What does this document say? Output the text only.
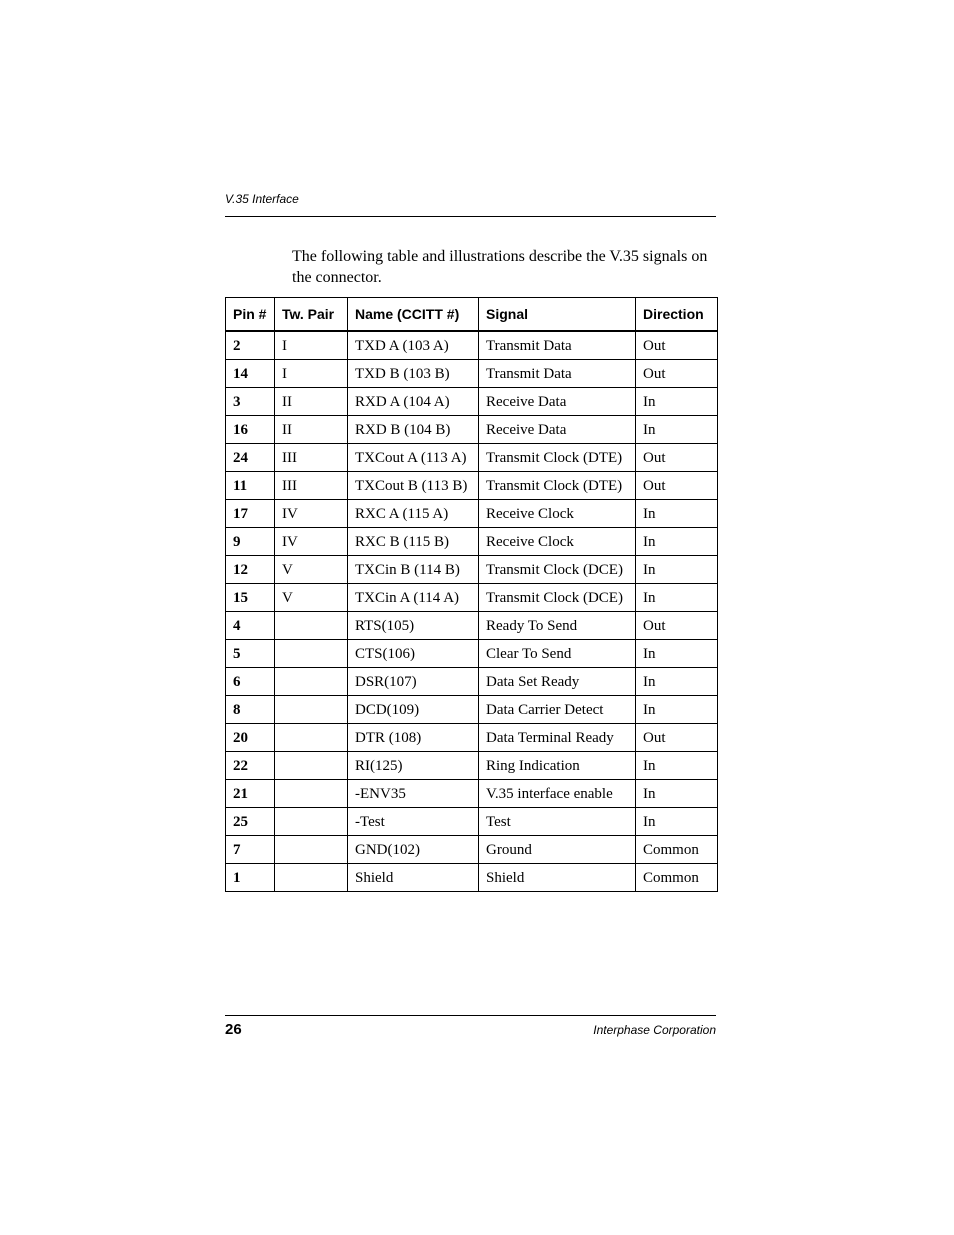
V.35 Interface

The following table and illustrations describe the V.35 signals on the connector.

Pin #	Tw. Pair	Name (CCITT #)	Signal	Direction
2	I	TXD A (103 A)	Transmit Data	Out
14	I	TXD B (103 B)	Transmit Data	Out
3	II	RXD A (104 A)	Receive Data	In
16	II	RXD B (104 B)	Receive Data	In
24	III	TXCout A (113 A)	Transmit Clock (DTE)	Out
11	III	TXCout B (113 B)	Transmit Clock (DTE)	Out
17	IV	RXC A (115 A)	Receive Clock	In
9	IV	RXC B (115 B)	Receive Clock	In
12	V	TXCin B (114 B)	Transmit Clock (DCE)	In
15	V	TXCin A (114 A)	Transmit Clock (DCE)	In
4		RTS(105)	Ready To Send	Out
5		CTS(106)	Clear To Send	In
6		DSR(107)	Data Set Ready	In
8		DCD(109)	Data Carrier Detect	In
20		DTR (108)	Data Terminal Ready	Out
22		RI(125)	Ring Indication	In
21		-ENV35	V.35 interface enable	In
25		-Test	Test	In
7		GND(102)	Ground	Common
1		Shield	Shield	Common
26	Interphase Corporation
